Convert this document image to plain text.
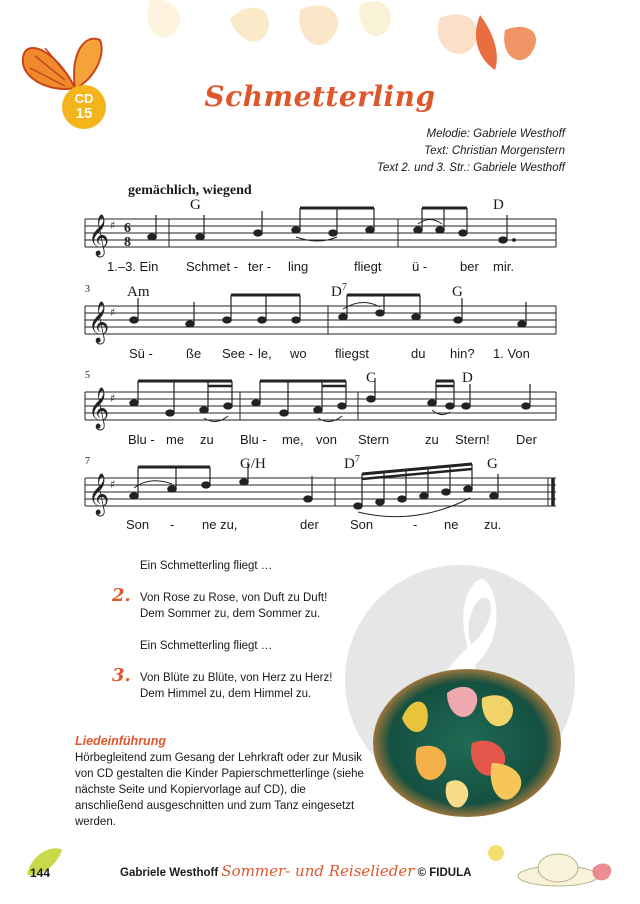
CD
15
Schmetterling
Melodie: Gabriele Westhoff
Text: Christian Morgenstern
Text 2. und 3. Str.: Gabriele Westhoff
gemächlich, wiegend
G	D
𝄞 ♯ 6
8
1.–3. Ein Schmet - ter - ling	fliegt ü -	ber mir.
3 Am	$D^7$	G
𝄞 ♯
Sü -	ße See - le, wo fliegst	du hin? 1. Von
5	C	D
𝄞 ♯
Blu - me zu Blu - me, von Stern	zu Stern! Der
7	G/H	$D^7$	G
𝄞 ♯
Son - ne zu,	der Son	- ne zu.
Ein Schmetterling fliegt …
2. Von Rose zu Rose, von Duft zu Duft!
Dem Sommer zu, dem Sommer zu.
Ein Schmetterling fliegt …
3. Von Blüte zu Blüte, von Herz zu Herz!
Dem Himmel zu, dem Himmel zu.
Liedeinführung
Hörbegleitend zum Gesang der Lehrkraft oder zur Musik von CD gestalten die Kinder Papierschmetterlinge (siehe nächste Seite und Kopiervorlage auf CD), die anschließend ausgeschnitten und zum Tanz eingesetzt werden.
144	Gabriele Westhoff Sommer- und Reiselieder © FIDULA
